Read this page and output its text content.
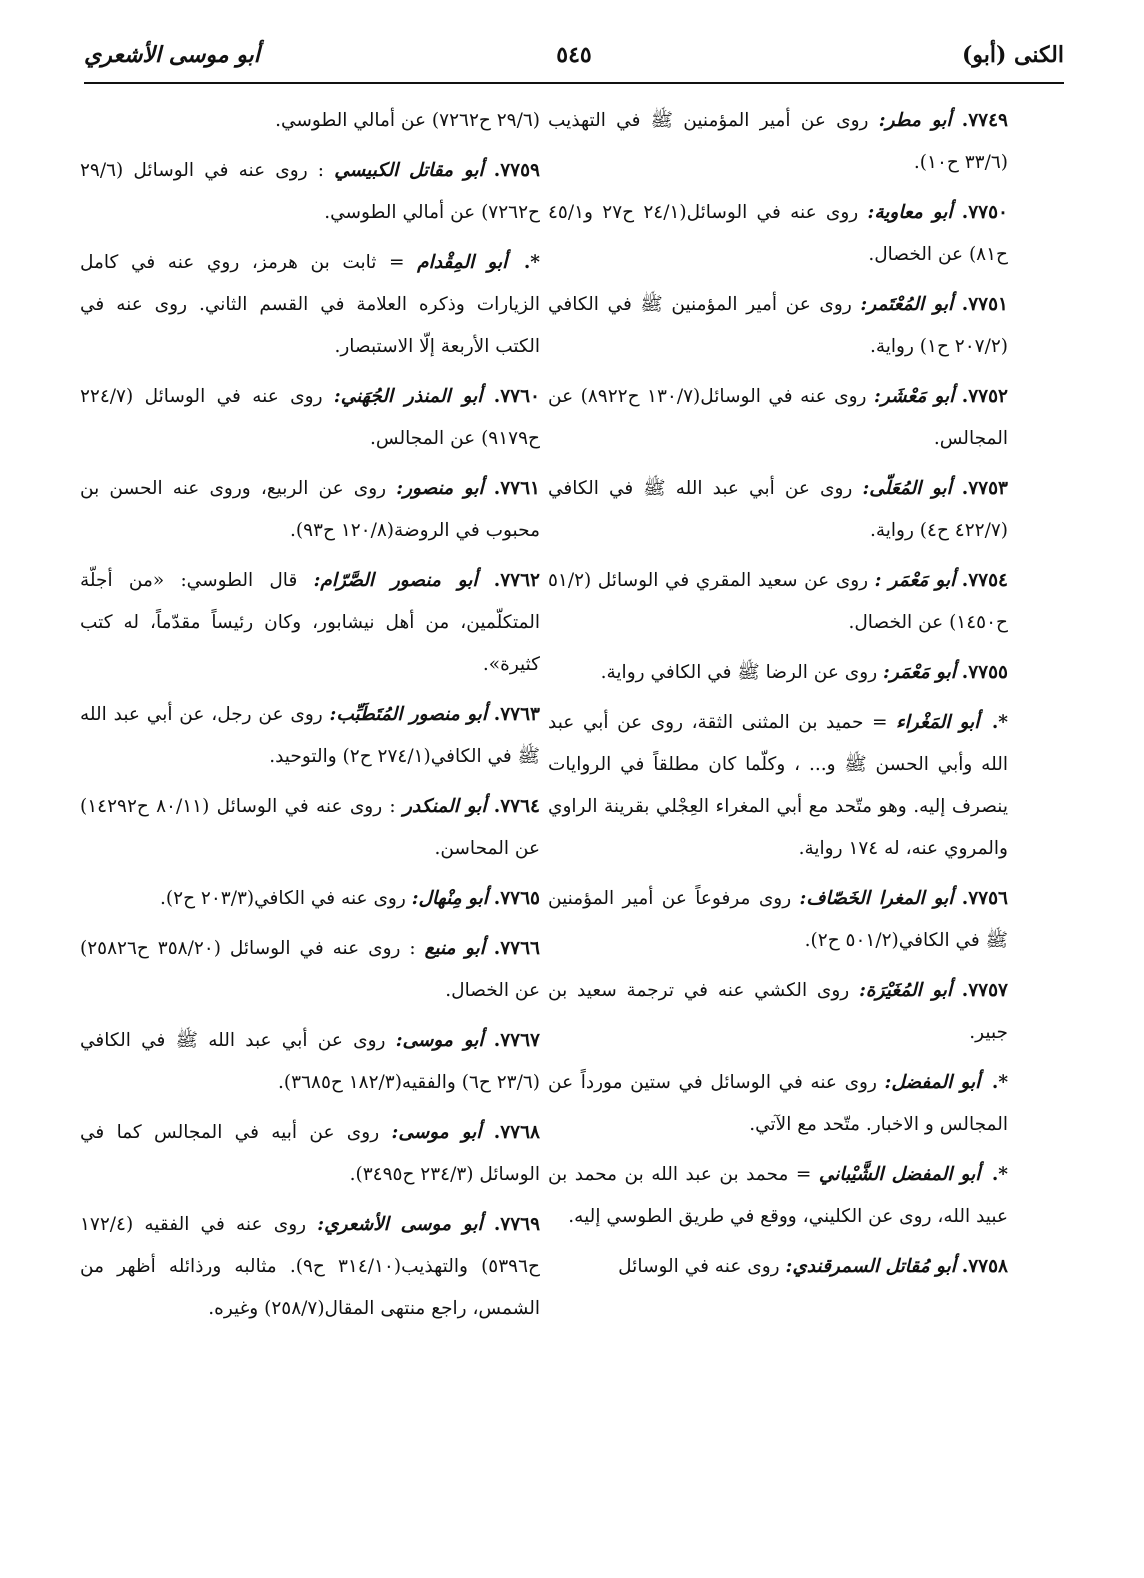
أبو موسى الأشعري	٥٤٥	الكنى (أبو)

٧٧٤٩. أبو مطر: روى عن أمير المؤمنين ﷺ في التهذيب (٣٣/٦ ح١٠).

٧٧٥٠. أبو معاوية: روى عنه في الوسائل(٢٤/١ ح٢٧ و٤٥/١ ح٨١) عن الخصال.

٧٧٥١. أبو المُعْتَمر: روى عن أمير المؤمنين ﷺ في الكافي (٢٠٧/٢ ح١) رواية.

٧٧٥٢. أبو مَعْشَر: روى عنه في الوسائل(١٣٠/٧ ح٨٩٢٢) عن المجالس.

٧٧٥٣. أبو المُعَلّى: روى عن أبي عبد الله ﷺ في الكافي (٤٢٢/٧ ح٤) رواية.

٧٧٥٤. أبو مَعْمَر : روى عن سعيد المقري في الوسائل (٥١/٢ ح١٤٥٠) عن الخصال.

٧٧٥٥. أبو مَعْمَر: روى عن الرضا ﷺ في الكافي رواية.

*. أبو المَغْراء = حميد بن المثنى الثقة، روى عن أبي عبد الله وأبي الحسن ﷺ و... ، وكلّما كان مطلقاً في الروايات ينصرف إليه. وهو متّحد مع أبي المغراء العِجْلي بقرينة الراوي والمروي عنه، له ١٧٤ رواية.

٧٧٥٦. أبو المغرا الخَصّاف: روى مرفوعاً عن أمير المؤمنين ﷺ في الكافي(٥٠١/٢ ح٢).

٧٧٥٧. أبو المُغَيْرَة: روى الكشي عنه في ترجمة سعيد بن جبير.

*. أبو المفضل: روى عنه في الوسائل في ستين مورداً عن المجالس و الاخبار. متّحد مع الآتي.

*. أبو المفضل الشَّيْباني = محمد بن عبد الله بن محمد بن عبيد الله، روى عن الكليني، ووقع في طريق الطوسي إليه.

٧٧٥٨. أبو مُقاتل السمرقندي: روى عنه في الوسائل

(٢٩/٦ ح٧٢٦٢) عن أمالي الطوسي.

٧٧٥٩. أبو مقاتل الكبيسي : روى عنه في الوسائل (٢٩/٦ ح٧٢٦٢) عن أمالي الطوسي.

*. أبو المِقْدام = ثابت بن هرمز، روي عنه في كامل الزيارات وذكره العلامة في القسم الثاني. روى عنه في الكتب الأربعة إلّا الاستبصار.

٧٧٦٠. أبو المنذر الجُهَني: روى عنه في الوسائل (٢٢٤/٧ ح٩١٧٩) عن المجالس.

٧٧٦١. أبو منصور: روى عن الربيع، وروى عنه الحسن بن محبوب في الروضة(١٢٠/٨ ح٩٣).

٧٧٦٢. أبو منصور الصَّرّام: قال الطوسي: «من أجلّة المتكلّمين، من أهل نيشابور، وكان رئيساً مقدّماً، له كتب كثيرة».

٧٧٦٣. أبو منصور المُتَطَبِّب: روى عن رجل، عن أبي عبد الله ﷺ في الكافي(٢٧٤/١ ح٢) والتوحيد.

٧٧٦٤. أبو المنكدر : روى عنه في الوسائل (٨٠/١١ ح١٤٢٩٢) عن المحاسن.

٧٧٦٥. أبو مِنْهال: روى عنه في الكافي(٢٠٣/٣ ح٢).

٧٧٦٦. أبو منيع : روى عنه في الوسائل (٣٥٨/٢٠ ح٢٥٨٢٦) عن الخصال.

٧٧٦٧. أبو موسى: روى عن أبي عبد الله ﷺ في الكافي (٢٣/٦ ح٦) والفقيه(١٨٢/٣ ح٣٦٨٥).

٧٧٦٨. أبو موسى: روى عن أبيه في المجالس كما في الوسائل (٢٣٤/٣ ح٣٤٩٥).

٧٧٦٩. أبو موسى الأشعري: روى عنه في الفقيه (١٧٢/٤ ح٥٣٩٦) والتهذيب(٣١٤/١٠ ح٩). مثالبه ورذائله أظهر من الشمس، راجع منتهى المقال(٢٥٨/٧) وغيره.
